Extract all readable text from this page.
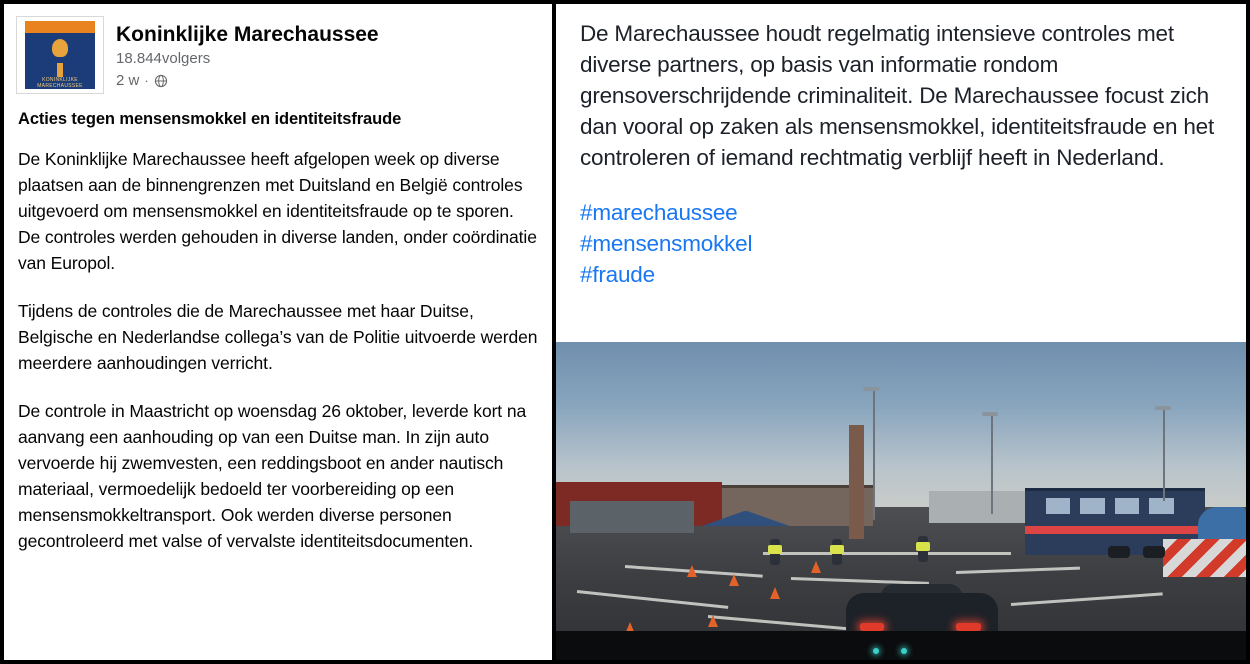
KONINKLIJKE MARECHAUSSEE
Koninklijke Marechaussee
18.844volgers
2 w ·
Acties tegen mensensmokkel en identiteitsfraude

De Koninklijke Marechaussee heeft afgelopen week op diverse plaatsen aan de binnengrenzen met Duitsland en België controles uitgevoerd om mensensmokkel en identiteitsfraude op te sporen. De controles werden gehouden in diverse landen, onder coördinatie van Europol.

Tijdens de controles die de Marechaussee met haar Duitse, Belgische en Nederlandse collega’s van de Politie uitvoerde werden meerdere aanhoudingen verricht.

De controle in Maastricht op woensdag 26 oktober, leverde kort na aanvang een aanhouding op van een Duitse man. In zijn auto vervoerde hij zwemvesten, een reddingsboot en ander nautisch materiaal, vermoedelijk bedoeld ter voorbereiding op een mensensmokkeltransport. Ook werden diverse personen gecontroleerd met valse of vervalste identiteitsdocumenten.

De Marechaussee houdt regelmatig intensieve controles met diverse partners, op basis van informatie rondom grensoverschrijdende criminaliteit. De Marechaussee focust zich dan vooral op zaken als mensensmokkel, identiteitsfraude en het controleren of iemand rechtmatig verblijf heeft in Nederland.

#marechaussee
#mensensmokkel
#fraude
